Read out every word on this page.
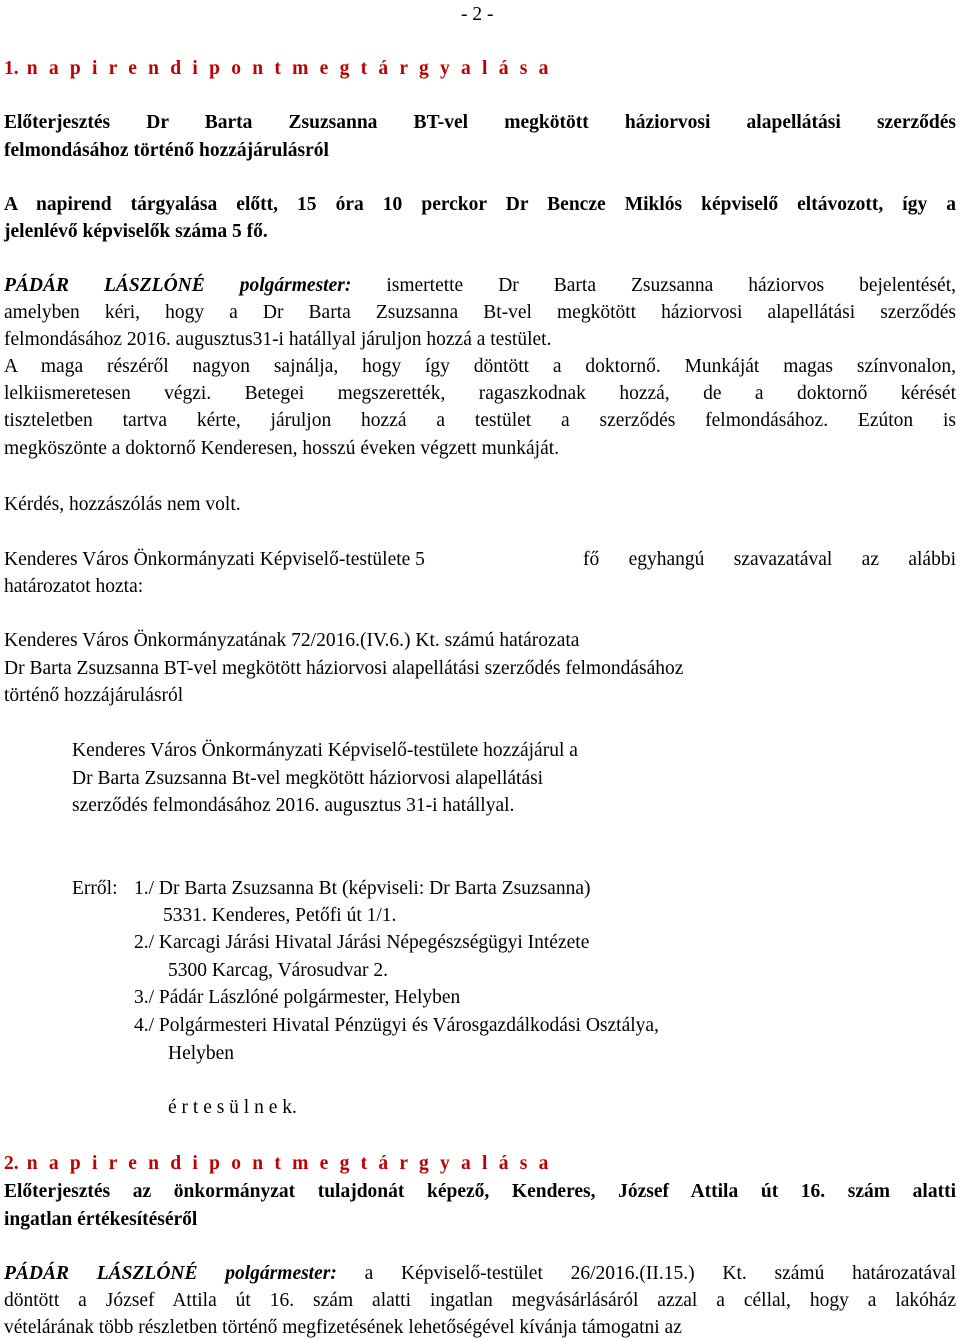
- 2 -
1. n a p i r e n d i p o n t m e g t á r g y a l á s a
Előterjesztés Dr Barta Zsuzsanna BT-vel megkötött háziorvosi alapellátási szerződés
felmondásához történő hozzájárulásról
A napirend tárgyalása előtt, 15 óra 10 perckor Dr Bencze Miklós képviselő eltávozott, így a
jelenlévő képviselők száma 5 fő.
PÁDÁR LÁSZLÓNÉ polgármester: ismertette Dr Barta Zsuzsanna háziorvos bejelentését,
amelyben kéri, hogy a Dr Barta Zsuzsanna Bt-vel megkötött háziorvosi alapellátási szerződés
felmondásához 2016. augusztus31-i hatállyal járuljon hozzá a testület.
A maga részéről nagyon sajnálja, hogy így döntött a doktornő. Munkáját magas színvonalon,
lelkiismeretesen végzi. Betegei megszerették, ragaszkodnak hozzá, de a doktornő kérését
tiszteletben tartva kérte, járuljon hozzá a testület a szerződés felmondásához. Ezúton is
megköszönte a doktornő Kenderesen, hosszú éveken végzett munkáját.
Kérdés, hozzászólás nem volt.
Kenderes Város Önkormányzati Képviselő-testülete 5	fő egyhangú szavazatával az alábbi
határozatot hozta:
Kenderes Város Önkormányzatának 72/2016.(IV.6.) Kt. számú határozata
Dr Barta Zsuzsanna BT-vel megkötött háziorvosi alapellátási szerződés felmondásához
történő hozzájárulásról
Kenderes Város Önkormányzati Képviselő-testülete hozzájárul a
Dr Barta Zsuzsanna Bt-vel megkötött háziorvosi alapellátási
szerződés felmondásához 2016. augusztus 31-i hatállyal.
Erről: 1./ Dr Barta Zsuzsanna Bt (képviseli: Dr Barta Zsuzsanna)
5331. Kenderes, Petőfi út 1/1.
2./ Karcagi Járási Hivatal Járási Népegészségügyi Intézete
5300 Karcag, Városudvar 2.
3./ Pádár Lászlóné polgármester, Helyben
4./ Polgármesteri Hivatal Pénzügyi és Városgazdálkodási Osztálya,
Helyben
é r t e s ü l n e k.
2. n a p i r e n d i p o n t m e g t á r g y a l á s a
Előterjesztés az önkormányzat tulajdonát képező, Kenderes, József Attila út 16. szám alatti
ingatlan értékesítéséről
PÁDÁR LÁSZLÓNÉ polgármester: a Képviselő-testület 26/2016.(II.15.) Kt. számú határozatával
döntött a József Attila út 16. szám alatti ingatlan megvásárlásáról azzal a céllal, hogy a lakóház
vételárának több részletben történő megfizetésének lehetőségével kívánja támogatni az
